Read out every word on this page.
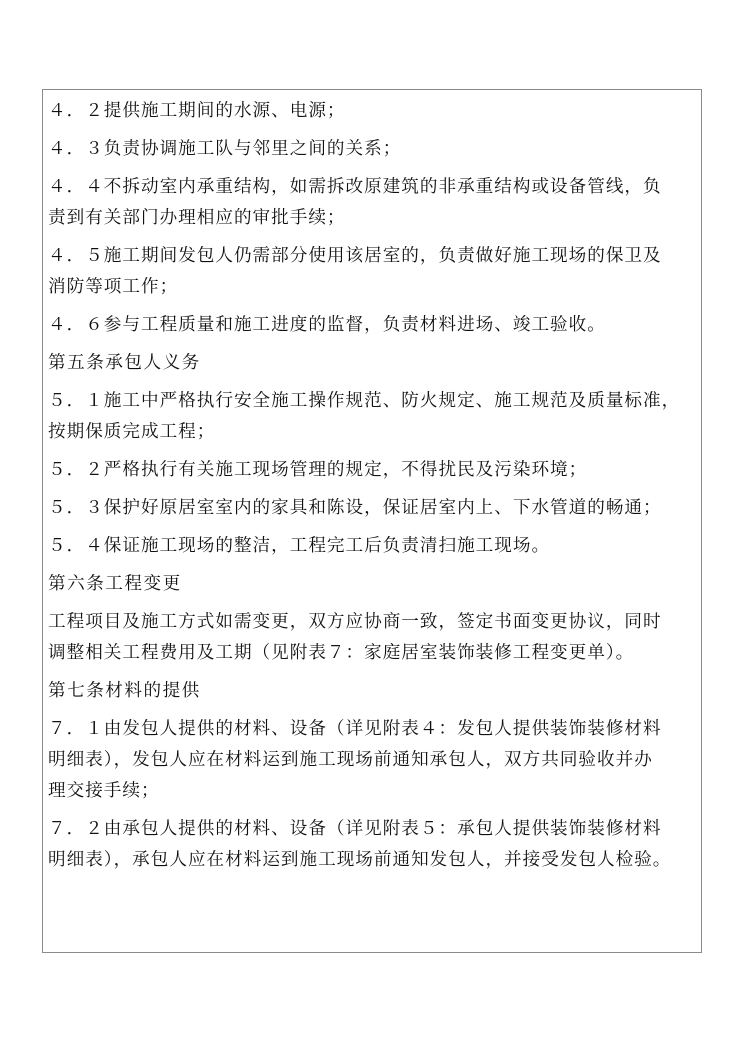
４．２提供施工期间的水源、电源；
４．３负责协调施工队与邻里之间的关系；
４．４不拆动室内承重结构，如需拆改原建筑的非承重结构或设备管线，负
责到有关部门办理相应的审批手续；
４．５施工期间发包人仍需部分使用该居室的，负责做好施工现场的保卫及
消防等项工作；
４．６参与工程质量和施工进度的监督，负责材料进场、竣工验收。
第五条承包人义务
５．１施工中严格执行安全施工操作规范、防火规定、施工规范及质量标准，
按期保质完成工程；
５．２严格执行有关施工现场管理的规定，不得扰民及污染环境；
５．３保护好原居室室内的家具和陈设，保证居室内上、下水管道的畅通；
５．４保证施工现场的整洁，工程完工后负责清扫施工现场。
第六条工程变更
工程项目及施工方式如需变更，双方应协商一致，签定书面变更协议，同时
调整相关工程费用及工期（见附表７：家庭居室装饰装修工程变更单）。
第七条材料的提供
７．１由发包人提供的材料、设备（详见附表４：发包人提供装饰装修材料
明细表），发包人应在材料运到施工现场前通知承包人，双方共同验收并办
理交接手续；
７．２由承包人提供的材料、设备（详见附表５：承包人提供装饰装修材料
明细表），承包人应在材料运到施工现场前通知发包人，并接受发包人检验。
